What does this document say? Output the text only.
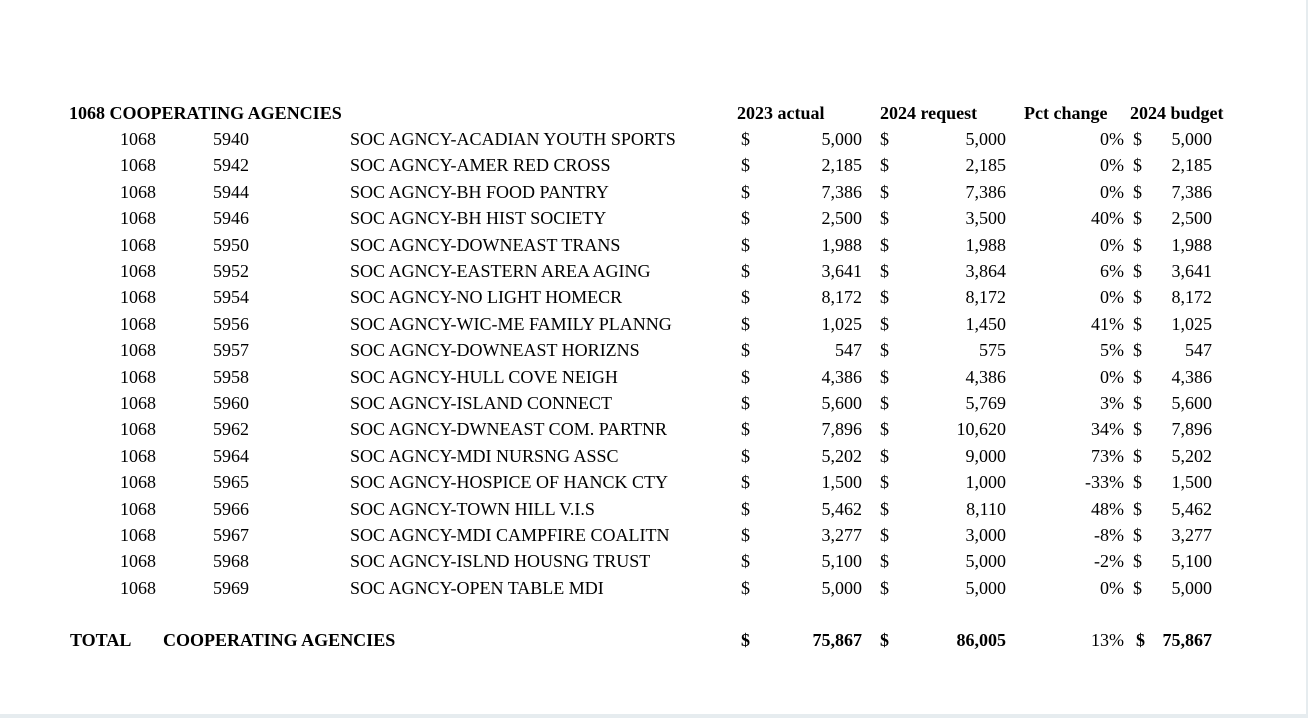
1068 COOPERATING AGENCIES	2023 actual	2024 request	Pct change 2024 budget
1068	5940	SOC AGNCY-ACADIAN YOUTH SPORTS	$	5,000 $	5,000	0% $	5,000
1068	5942	SOC AGNCY-AMER RED CROSS	$	2,185 $	2,185	0% $	2,185
1068	5944	SOC AGNCY-BH FOOD PANTRY	$	7,386 $	7,386	0% $	7,386
1068	5946	SOC AGNCY-BH HIST SOCIETY	$	2,500 $	3,500	40% $	2,500
1068	5950	SOC AGNCY-DOWNEAST TRANS	$	1,988 $	1,988	0% $	1,988
1068	5952	SOC AGNCY-EASTERN AREA AGING	$	3,641 $	3,864	6% $	3,641
1068	5954	SOC AGNCY-NO LIGHT HOMECR	$	8,172 $	8,172	0% $	8,172
1068	5956	SOC AGNCY-WIC-ME FAMILY PLANNG	$	1,025 $	1,450	41% $	1,025
1068	5957	SOC AGNCY-DOWNEAST HORIZNS	$	547 $	575	5% $	547
1068	5958	SOC AGNCY-HULL COVE NEIGH	$	4,386 $	4,386	0% $	4,386
1068	5960	SOC AGNCY-ISLAND CONNECT	$	5,600 $	5,769	3% $	5,600
1068	5962	SOC AGNCY-DWNEAST COM. PARTNR	$	7,896 $	10,620	34% $	7,896
1068	5964	SOC AGNCY-MDI NURSNG ASSC	$	5,202 $	9,000	73% $	5,202
1068	5965	SOC AGNCY-HOSPICE OF HANCK CTY	$	1,500 $	1,000	-33% $	1,500
1068	5966	SOC AGNCY-TOWN HILL V.I.S	$	5,462 $	8,110	48% $	5,462
1068	5967	SOC AGNCY-MDI CAMPFIRE COALITN	$	3,277 $	3,000	-8% $	3,277
1068	5968	SOC AGNCY-ISLND HOUSNG TRUST	$	5,100 $	5,000	-2% $	5,100
1068	5969	SOC AGNCY-OPEN TABLE MDI	$	5,000 $	5,000	0% $	5,000
TOTAL COOPERATING AGENCIES	$	75,867 $	86,005	13% $ 75,867
